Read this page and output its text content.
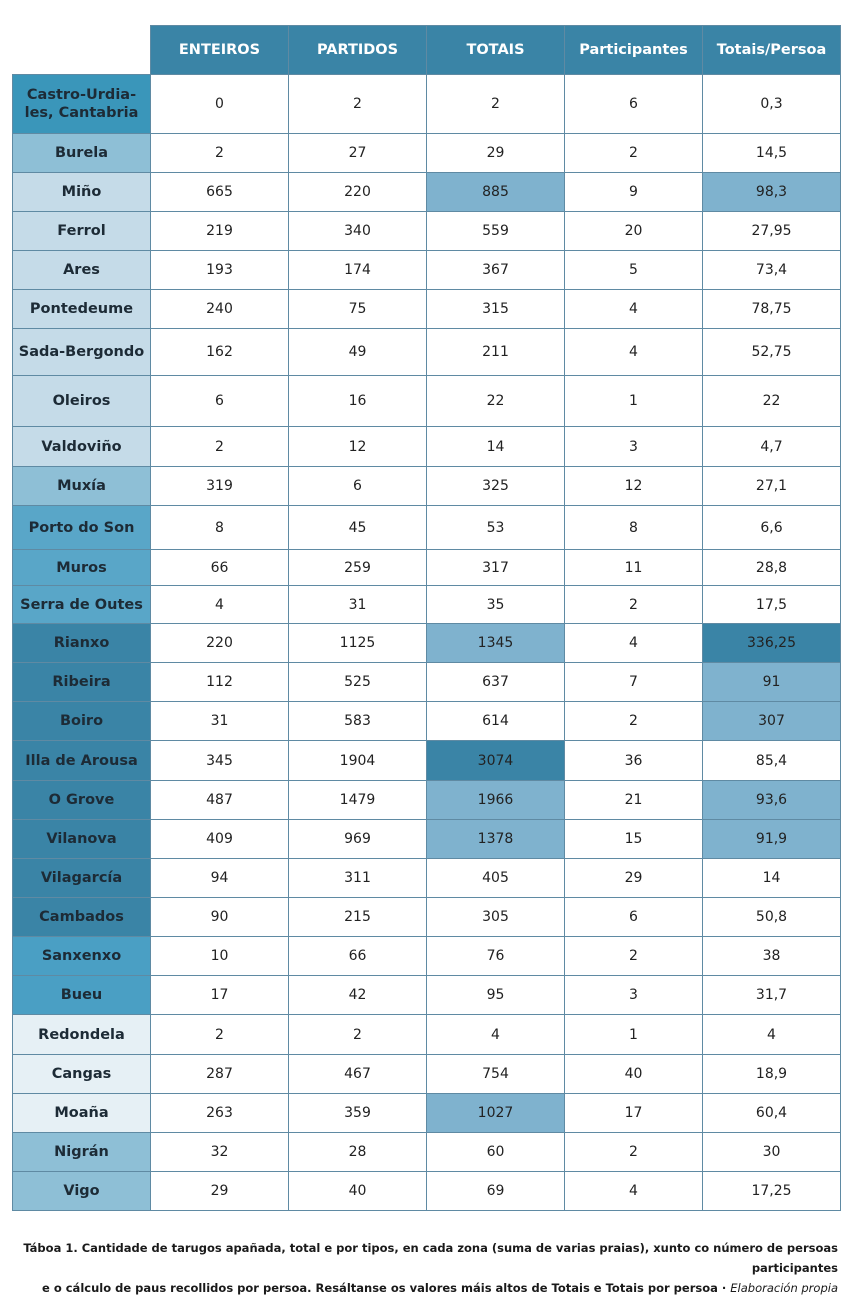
	ENTEIROS	PARTIDOS	TOTAIS	Participantes	Totais/Persoa

Castro-Urdia-
les, Cantabria	0	2	2	6	0,3
Burela	2	27	29	2	14,5
Miño	665	220	885	9	98,3
Ferrol	219	340	559	20	27,95
Ares	193	174	367	5	73,4
Pontedeume	240	75	315	4	78,75
Sada-Bergondo	162	49	211	4	52,75
Oleiros	6	16	22	1	22
Valdoviño	2	12	14	3	4,7
Muxía	319	6	325	12	27,1
Porto do Son	8	45	53	8	6,6
Muros	66	259	317	11	28,8
Serra de Outes	4	31	35	2	17,5
Rianxo	220	1125	1345	4	336,25
Ribeira	112	525	637	7	91
Boiro	31	583	614	2	307
Illa de Arousa	345	1904	3074	36	85,4
O Grove	487	1479	1966	21	93,6
Vilanova	409	969	1378	15	91,9
Vilagarcía	94	311	405	29	14
Cambados	90	215	305	6	50,8
Sanxenxo	10	66	76	2	38
Bueu	17	42	95	3	31,7
Redondela	2	2	4	1	4
Cangas	287	467	754	40	18,9
Moaña	263	359	1027	17	60,4
Nigrán	32	28	60	2	30
Vigo	29	40	69	4	17,25
Táboa 1. Cantidade de tarugos apañada, total e por tipos, en cada zona (suma de varias praias), xunto co número de persoas participantes
e o cálculo de paus recollidos por persoa. Resáltanse os valores máis altos de Totais e Totais por persoa · Elaboración propia
